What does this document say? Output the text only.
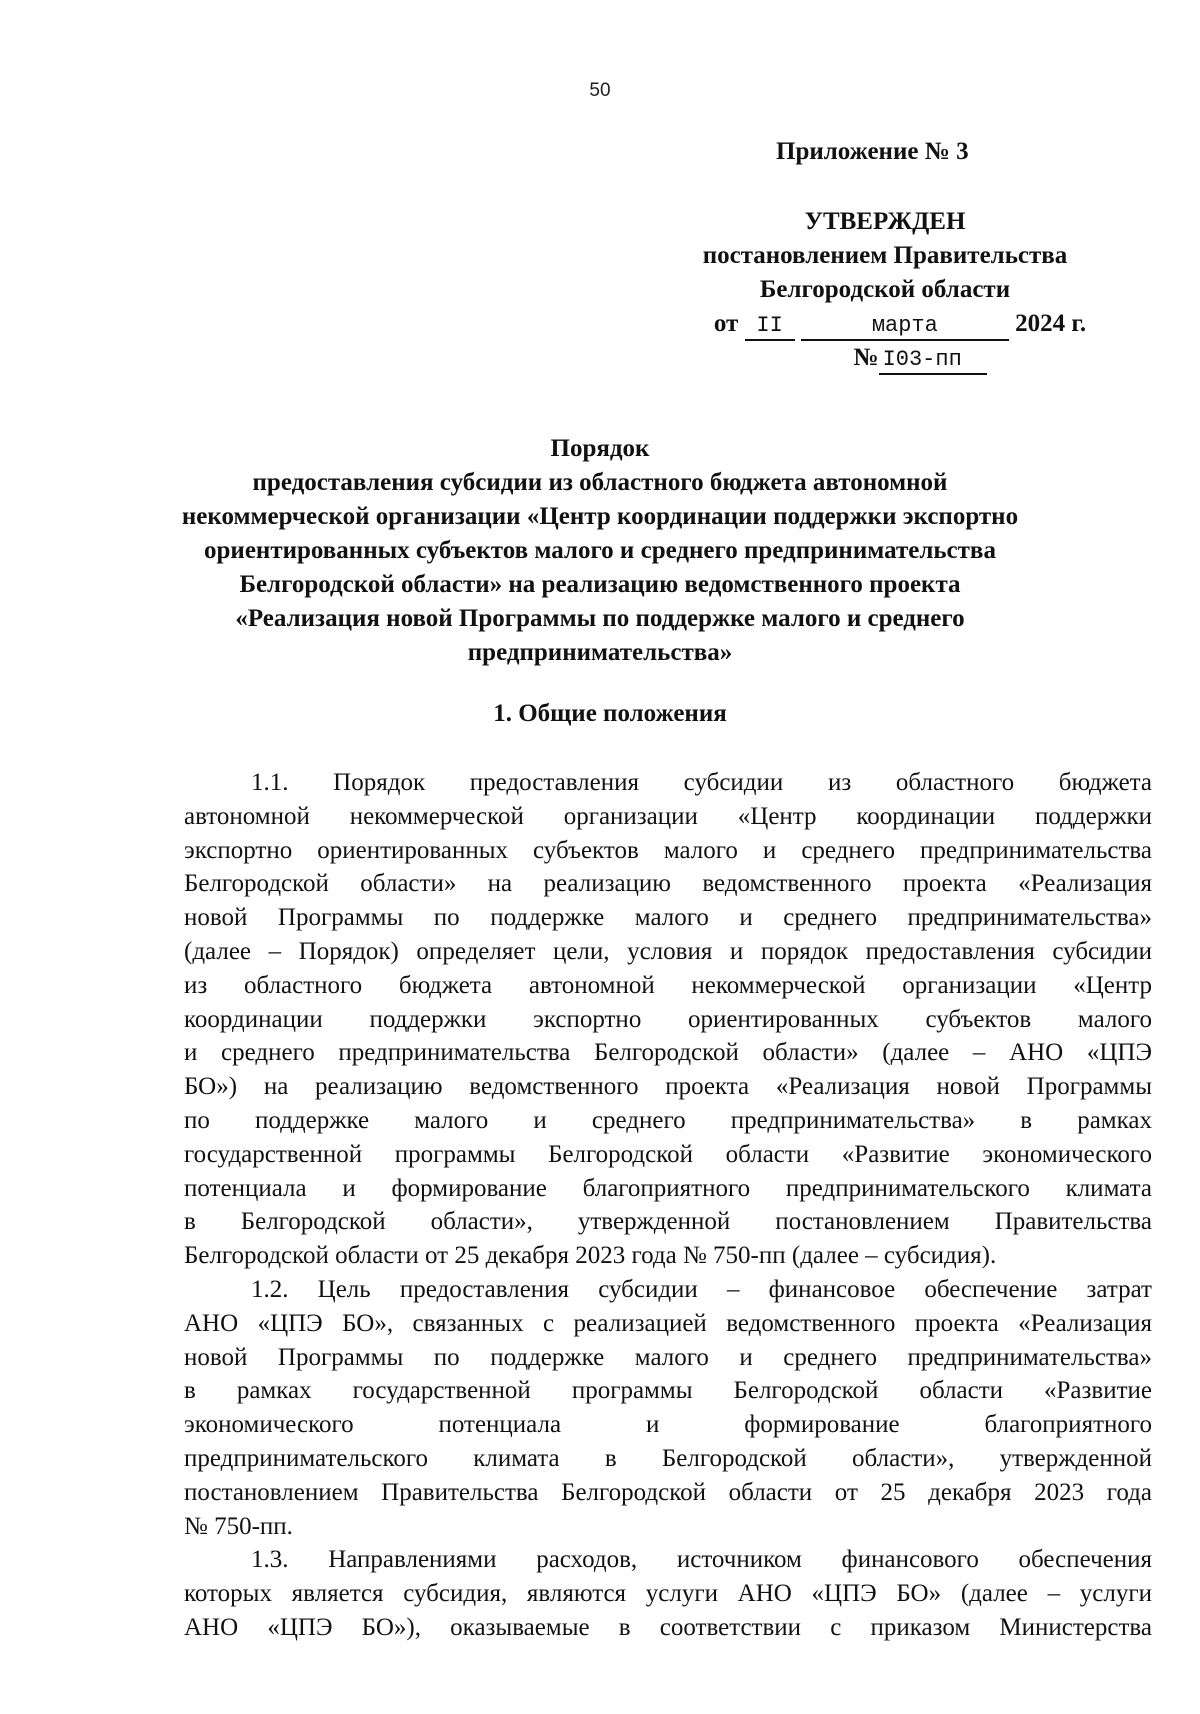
50
Приложение № 3
УТВЕРЖДЕН
постановлением Правительства
Белгородской области
от II	марта	2024 г.
№ I03-пп
Порядок
предоставления субсидии из областного бюджета автономной
некоммерческой организации «Центр координации поддержки экспортно
ориентированных субъектов малого и среднего предпринимательства
Белгородской области» на реализацию ведомственного проекта
«Реализация новой Программы по поддержке малого и среднего
предпринимательства»
1. Общие положения
1.1. Порядок предоставления субсидии из областного бюджета
автономной некоммерческой организации «Центр координации поддержки
экспортно ориентированных субъектов малого и среднего предпринимательства
Белгородской области» на реализацию ведомственного проекта «Реализация
новой Программы по поддержке малого и среднего предпринимательства»
(далее – Порядок) определяет цели, условия и порядок предоставления субсидии
из областного бюджета автономной некоммерческой организации «Центр
координации поддержки экспортно ориентированных субъектов малого
и среднего предпринимательства Белгородской области» (далее – АНО «ЦПЭ
БО») на реализацию ведомственного проекта «Реализация новой Программы
по поддержке малого и среднего предпринимательства» в рамках
государственной программы Белгородской области «Развитие экономического
потенциала и формирование благоприятного предпринимательского климата
в Белгородской области», утвержденной постановлением Правительства
Белгородской области от 25 декабря 2023 года № 750-пп (далее – субсидия).
1.2. Цель предоставления субсидии – финансовое обеспечение затрат
АНО «ЦПЭ БО», связанных с реализацией ведомственного проекта «Реализация
новой Программы по поддержке малого и среднего предпринимательства»
в рамках государственной программы Белгородской области «Развитие
экономического потенциала и формирование благоприятного
предпринимательского климата в Белгородской области», утвержденной
постановлением Правительства Белгородской области от 25 декабря 2023 года
№ 750-пп.
1.3. Направлениями расходов, источником финансового обеспечения
которых является субсидия, являются услуги АНО «ЦПЭ БО» (далее – услуги
АНО «ЦПЭ БО»), оказываемые в соответствии с приказом Министерства
